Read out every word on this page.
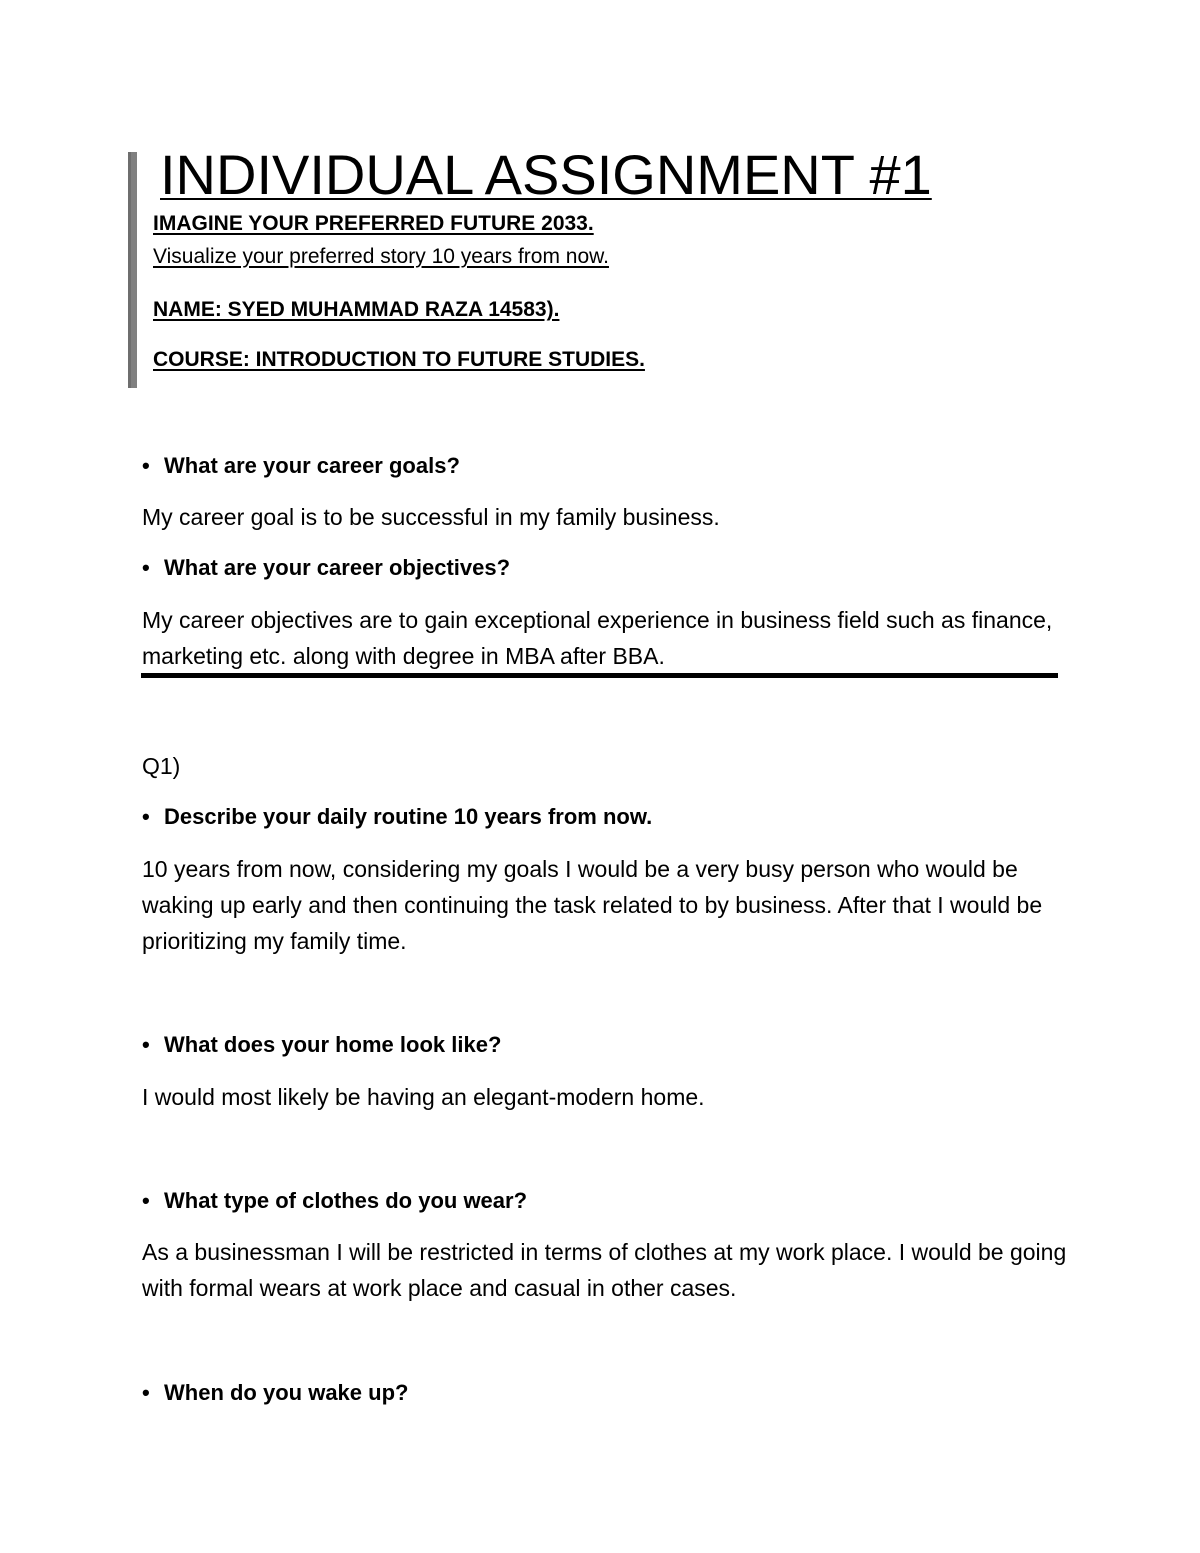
INDIVIDUAL ASSIGNMENT #1
IMAGINE YOUR PREFERRED FUTURE 2033.
Visualize your preferred story 10 years from now.
NAME: SYED MUHAMMAD RAZA 14583).
COURSE: INTRODUCTION TO FUTURE STUDIES.
• What are your career goals?
My career goal is to be successful in my family business.
• What are your career objectives?
My career objectives are to gain exceptional experience in business field such as finance, marketing etc. along with degree in MBA after BBA.
Q1)
• Describe your daily routine 10 years from now.
10 years from now, considering my goals I would be a very busy person who would be waking up early and then continuing the task related to by business. After that I would be prioritizing my family time.
• What does your home look like?
I would most likely be having an elegant-modern home.
• What type of clothes do you wear?
As a businessman I will be restricted in terms of clothes at my work place. I would be going with formal wears at work place and casual in other cases.
• When do you wake up?
